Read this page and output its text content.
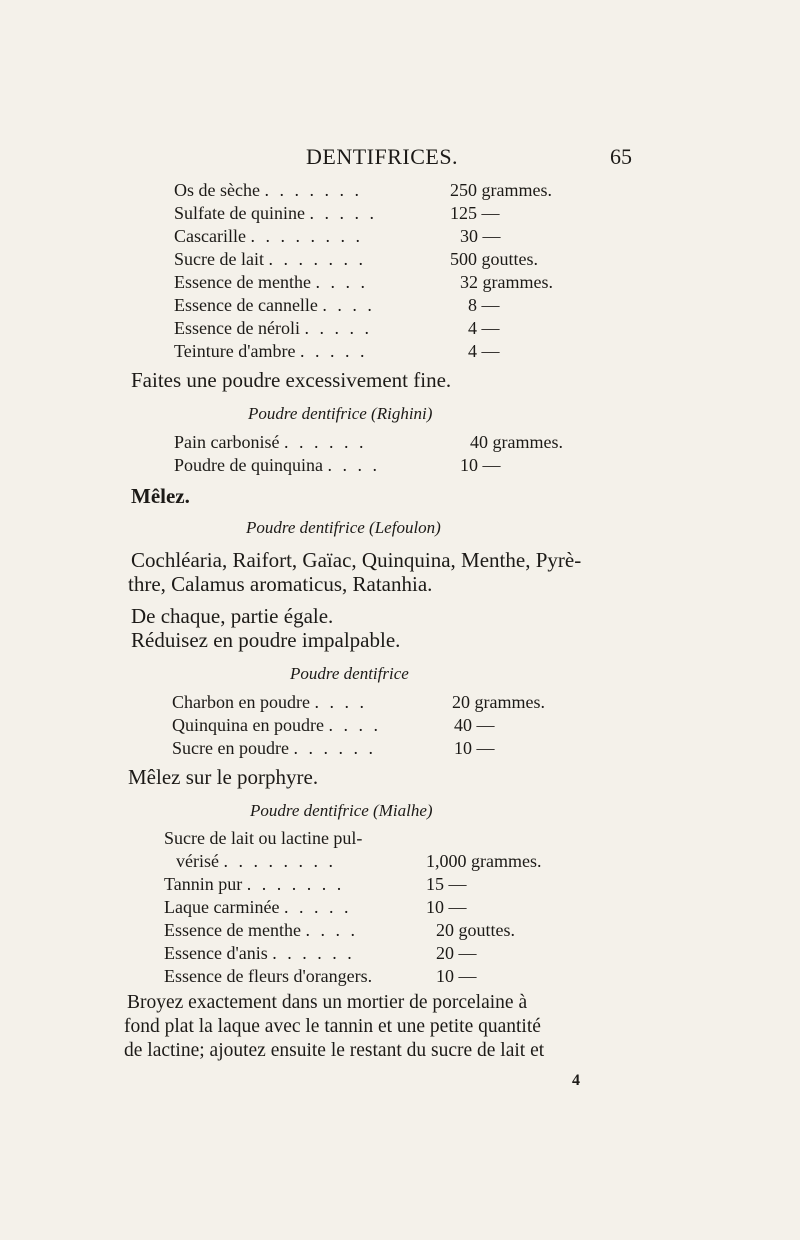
DENTIFRICES.	65
Os de sèche . . . . . . .	250 grammes.
Sulfate de quinine . . . . .	125 —
Cascarille . . . . . . . .	30 —
Sucre de lait . . . . . . .	500 gouttes.
Essence de menthe . . . .	32 grammes.
Essence de cannelle . . . .	8 —
Essence de néroli . . . . .	4 —
Teinture d'ambre . . . . .	4 —
Faites une poudre excessivement fine.
Poudre dentifrice (Righini)
Pain carbonisé . . . . . .	40 grammes.
Poudre de quinquina . . . .	10 —
Mêlez.
Poudre dentifrice (Lefoulon)
Cochléaria, Raifort, Gaïac, Quinquina, Menthe, Pyrè-
thre, Calamus aromaticus, Ratanhia.
De chaque, partie égale.
Réduisez en poudre impalpable.
Poudre dentifrice
Charbon en poudre . . . .	20 grammes.
Quinquina en poudre . . . .	40 —
Sucre en poudre . . . . . .	10 —
Mêlez sur le porphyre.
Poudre dentifrice (Mialhe)
Sucre de lait ou lactine pul-
vérisé . . . . . . . .	1,000 grammes.
Tannin pur . . . . . . .	15 —
Laque carminée . . . . .	10 —
Essence de menthe . . . .	20 gouttes.
Essence d'anis . . . . . .	20 —
Essence de fleurs d'orangers.	10 —
Broyez exactement dans un mortier de porcelaine à
fond plat la laque avec le tannin et une petite quantité
de lactine; ajoutez ensuite le restant du sucre de lait et
4
